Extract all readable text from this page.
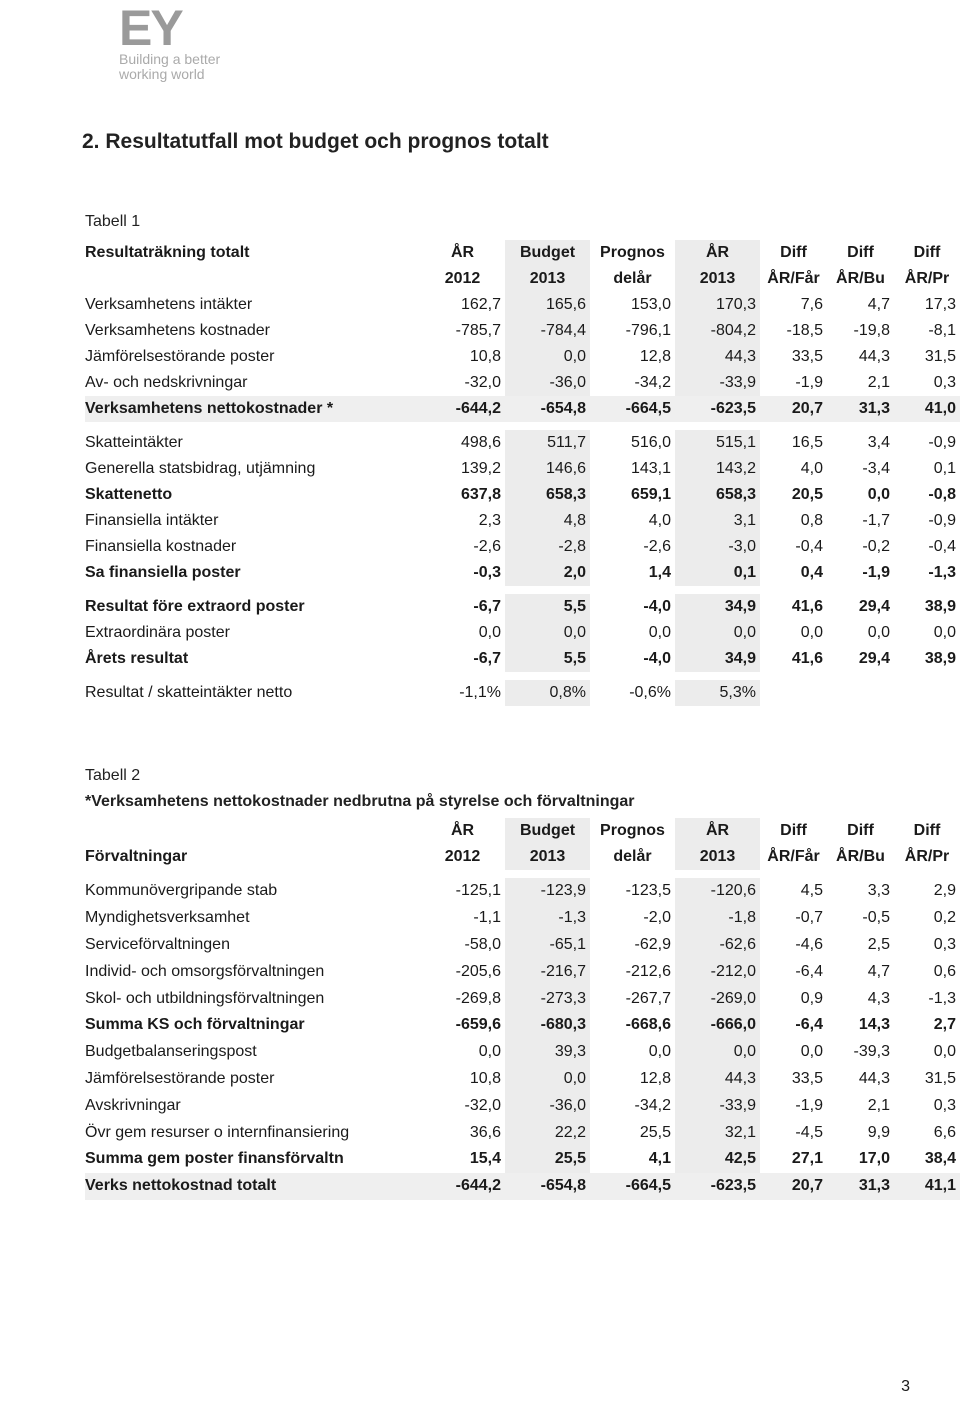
EY
Building a better
working world
2. Resultatutfall mot budget och prognos totalt
Tabell 1
Resultaträkning totalt	ÅR	Budget	Prognos	ÅR	Diff	Diff	Diff
	2012	2013	delår	2013	ÅR/Får	ÅR/Bu	ÅR/Pr
Verksamhetens intäkter	162,7	165,6	153,0	170,3	7,6	4,7	17,3
Verksamhetens kostnader	-785,7	-784,4	-796,1	-804,2	-18,5	-19,8	-8,1
Jämförelsestörande poster	10,8	0,0	12,8	44,3	33,5	44,3	31,5
Av- och nedskrivningar	-32,0	-36,0	-34,2	-33,9	-1,9	2,1	0,3
Verksamhetens nettokostnader *	-644,2	-654,8	-664,5	-623,5	20,7	31,3	41,0

Skatteintäkter	498,6	511,7	516,0	515,1	16,5	3,4	-0,9
Generella statsbidrag, utjämning	139,2	146,6	143,1	143,2	4,0	-3,4	0,1
Skattenetto	637,8	658,3	659,1	658,3	20,5	0,0	-0,8
Finansiella intäkter	2,3	4,8	4,0	3,1	0,8	-1,7	-0,9
Finansiella kostnader	-2,6	-2,8	-2,6	-3,0	-0,4	-0,2	-0,4
Sa finansiella poster	-0,3	2,0	1,4	0,1	0,4	-1,9	-1,3

Resultat före extraord poster	-6,7	5,5	-4,0	34,9	41,6	29,4	38,9
Extraordinära poster	0,0	0,0	0,0	0,0	0,0	0,0	0,0
Årets resultat	-6,7	5,5	-4,0	34,9	41,6	29,4	38,9

Resultat / skatteintäkter netto	-1,1%	0,8%	-0,6%	5,3%			
Tabell 2
*Verksamhetens nettokostnader nedbrutna på styrelse och förvaltningar
	ÅR	Budget	Prognos	ÅR	Diff	Diff	Diff
Förvaltningar	2012	2013	delår	2013	ÅR/Får	ÅR/Bu	ÅR/Pr

Kommunövergripande stab	-125,1	-123,9	-123,5	-120,6	4,5	3,3	2,9
Myndighetsverksamhet	-1,1	-1,3	-2,0	-1,8	-0,7	-0,5	0,2
Serviceförvaltningen	-58,0	-65,1	-62,9	-62,6	-4,6	2,5	0,3
Individ- och omsorgsförvaltningen	-205,6	-216,7	-212,6	-212,0	-6,4	4,7	0,6
Skol- och utbildningsförvaltningen	-269,8	-273,3	-267,7	-269,0	0,9	4,3	-1,3
Summa KS och förvaltningar	-659,6	-680,3	-668,6	-666,0	-6,4	14,3	2,7
Budgetbalanseringspost	0,0	39,3	0,0	0,0	0,0	-39,3	0,0
Jämförelsestörande poster	10,8	0,0	12,8	44,3	33,5	44,3	31,5
Avskrivningar	-32,0	-36,0	-34,2	-33,9	-1,9	2,1	0,3
Övr gem resurser o internfinansiering	36,6	22,2	25,5	32,1	-4,5	9,9	6,6
Summa gem poster finansförvaltn	15,4	25,5	4,1	42,5	27,1	17,0	38,4
Verks nettokostnad totalt	-644,2	-654,8	-664,5	-623,5	20,7	31,3	41,1
3
